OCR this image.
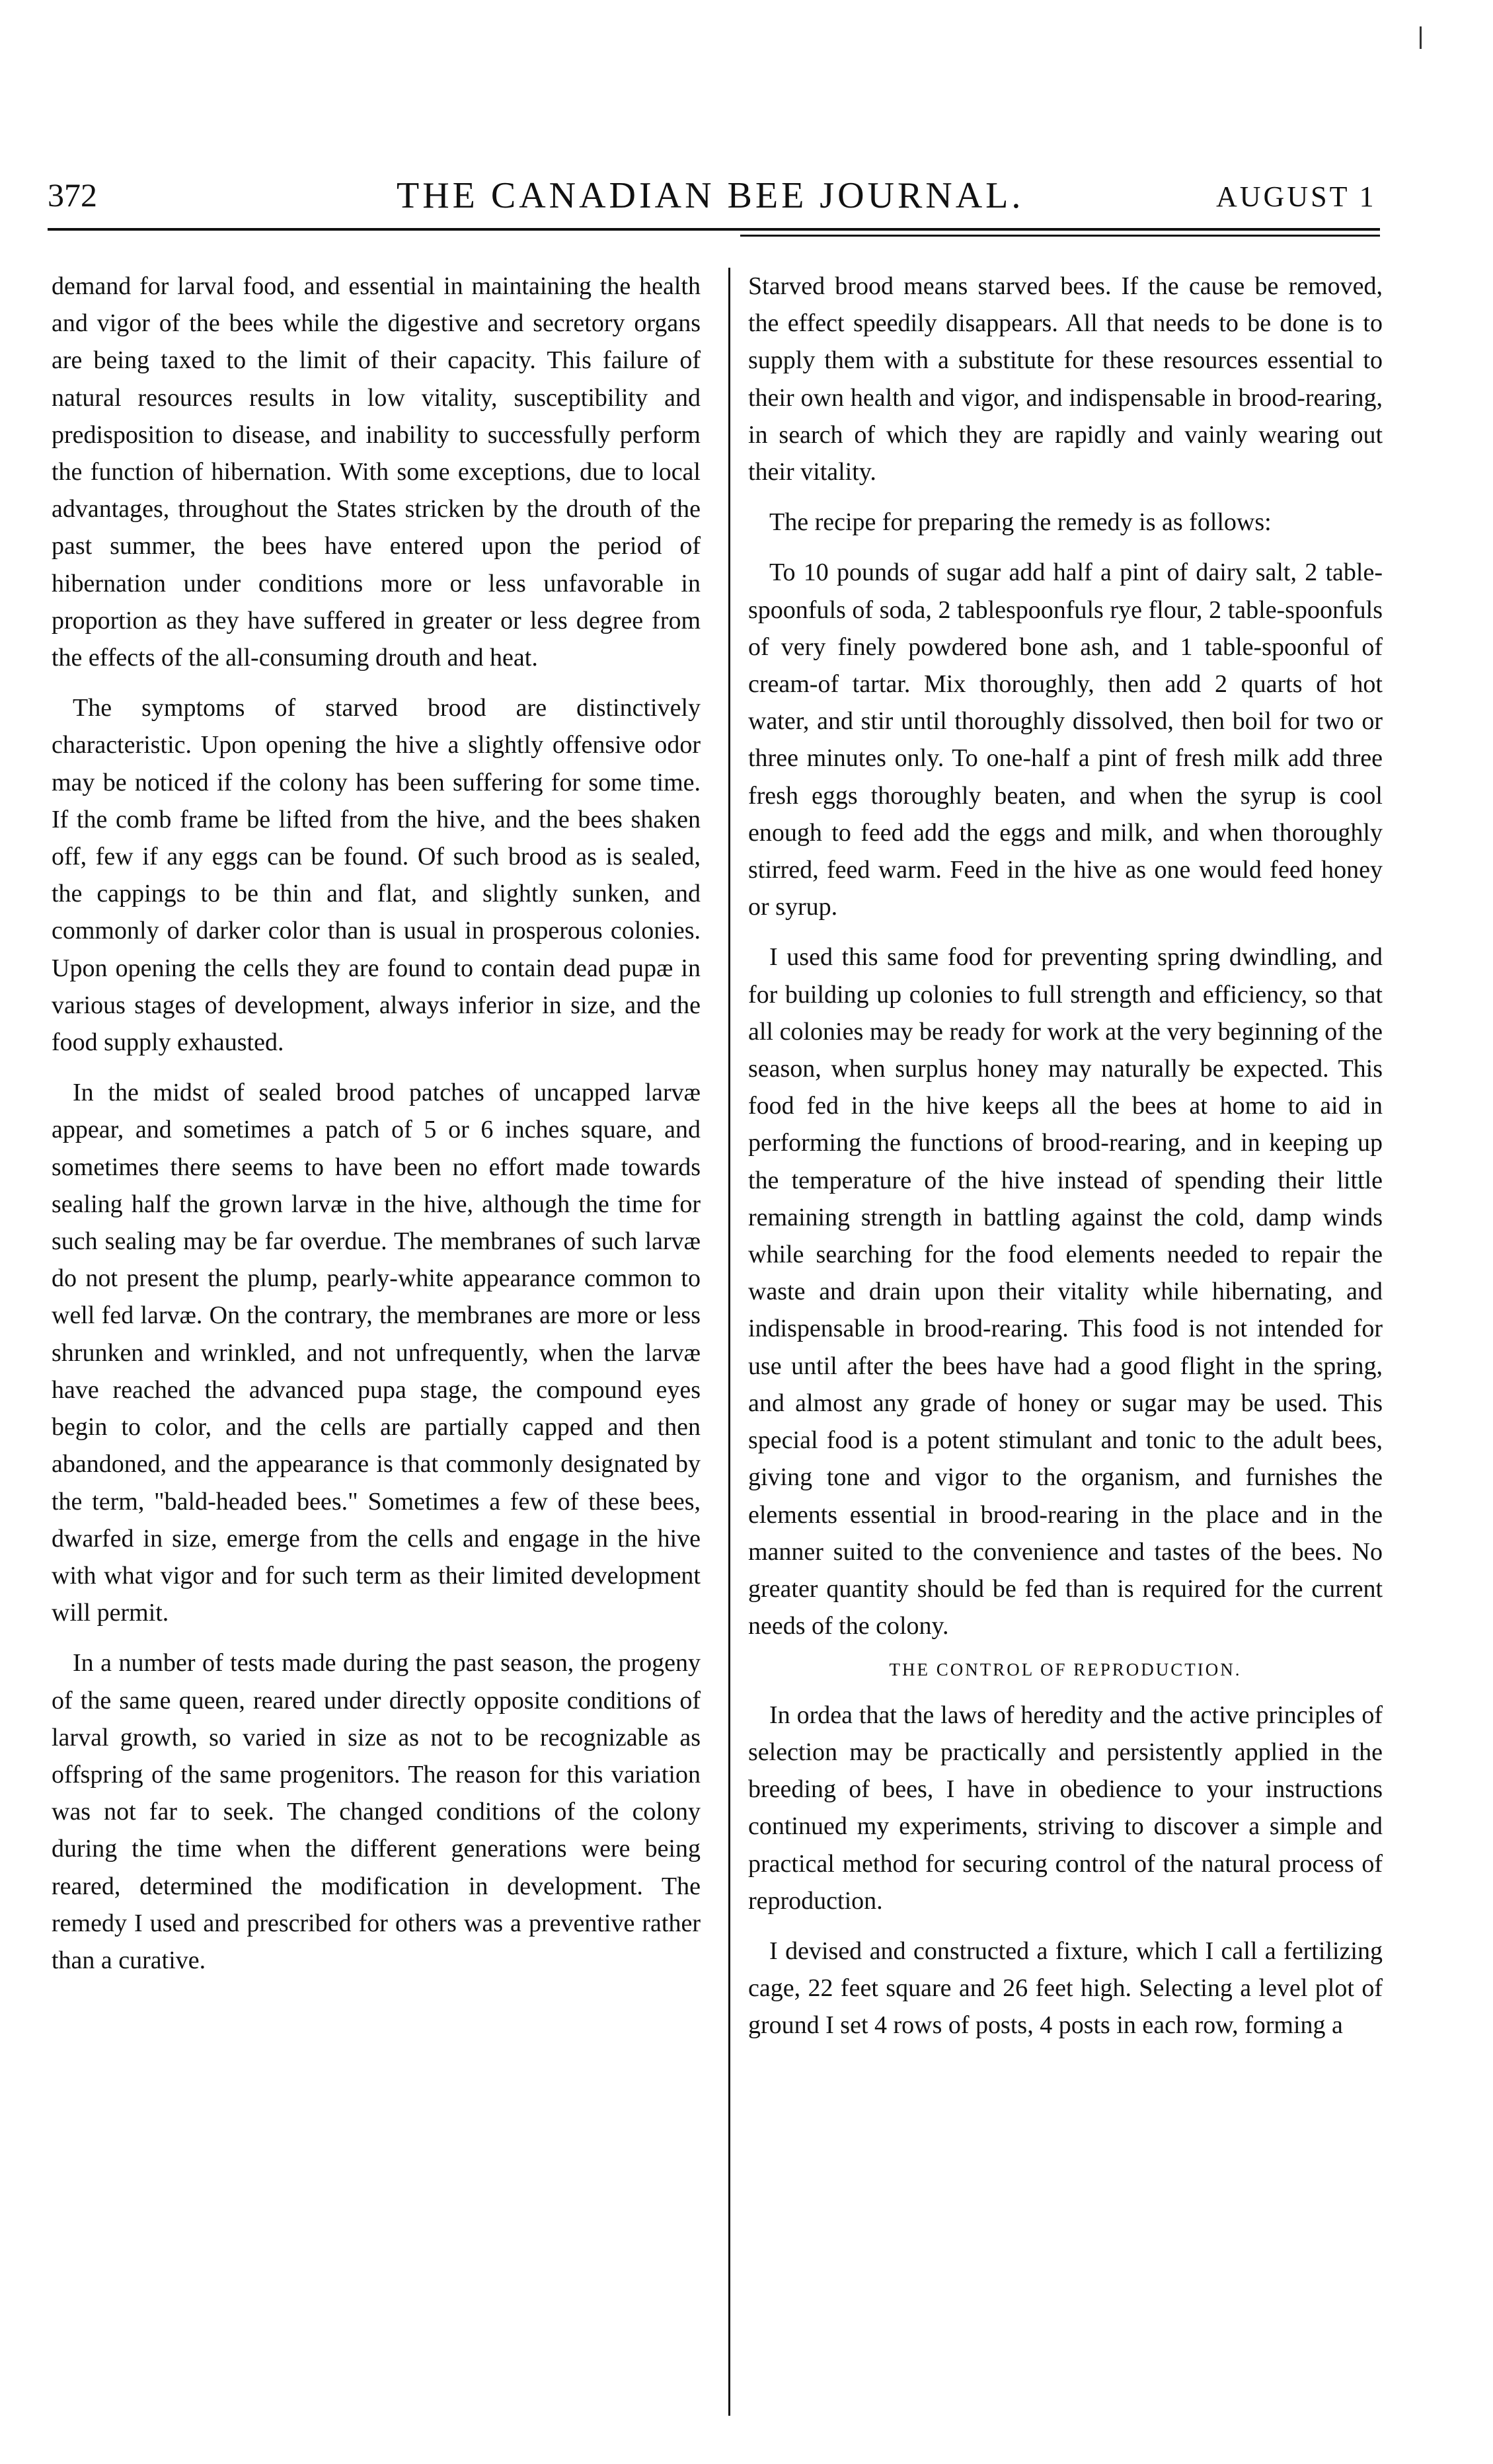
372	THE CANADIAN BEE JOURNAL.	AUGUST 1

demand for larval food, and essential in maintaining the health and vigor of the bees while the digestive and secretory organs are being taxed to the limit of their capacity. This failure of natural resources results in low vitality, susceptibility and predisposition to disease, and inability to successfully perform the function of hibernation. With some exceptions, due to local advantages, throughout the States stricken by the drouth of the past summer, the bees have entered upon the period of hibernation under conditions more or less unfavorable in proportion as they have suffered in greater or less degree from the effects of the all-consuming drouth and heat.

The symptoms of starved brood are distinctively characteristic. Upon opening the hive a slightly offensive odor may be noticed if the colony has been suffering for some time. If the comb frame be lifted from the hive, and the bees shaken off, few if any eggs can be found. Of such brood as is sealed, the cappings to be thin and flat, and slightly sunken, and commonly of darker color than is usual in prosperous colonies. Upon opening the cells they are found to contain dead pupæ in various stages of development, always inferior in size, and the food supply exhausted.

In the midst of sealed brood patches of uncapped larvæ appear, and sometimes a patch of 5 or 6 inches square, and sometimes there seems to have been no effort made towards sealing half the grown larvæ in the hive, although the time for such sealing may be far overdue. The membranes of such larvæ do not present the plump, pearly-white appearance common to well fed larvæ. On the contrary, the membranes are more or less shrunken and wrinkled, and not unfrequently, when the larvæ have reached the advanced pupa stage, the compound eyes begin to color, and the cells are partially capped and then abandoned, and the appearance is that commonly designated by the term, "bald-headed bees." Sometimes a few of these bees, dwarfed in size, emerge from the cells and engage in the hive with what vigor and for such term as their limited development will permit.

In a number of tests made during the past season, the progeny of the same queen, reared under directly opposite conditions of larval growth, so varied in size as not to be recognizable as offspring of the same progenitors. The reason for this variation was not far to seek. The changed conditions of the colony during the time when the different generations were being reared, determined the modification in development. The remedy I used and prescribed for others was a preventive rather than a curative.

Starved brood means starved bees. If the cause be removed, the effect speedily disappears. All that needs to be done is to supply them with a substitute for these resources essential to their own health and vigor, and indispensable in brood-rearing, in search of which they are rapidly and vainly wearing out their vitality.

The recipe for preparing the remedy is as follows:

To 10 pounds of sugar add half a pint of dairy salt, 2 table-spoonfuls of soda, 2 tablespoonfuls rye flour, 2 table-spoonfuls of very finely powdered bone ash, and 1 table-spoonful of cream-of tartar. Mix thoroughly, then add 2 quarts of hot water, and stir until thoroughly dissolved, then boil for two or three minutes only. To one-half a pint of fresh milk add three fresh eggs thoroughly beaten, and when the syrup is cool enough to feed add the eggs and milk, and when thoroughly stirred, feed warm. Feed in the hive as one would feed honey or syrup.

I used this same food for preventing spring dwindling, and for building up colonies to full strength and efficiency, so that all colonies may be ready for work at the very beginning of the season, when surplus honey may naturally be expected. This food fed in the hive keeps all the bees at home to aid in performing the functions of brood-rearing, and in keeping up the temperature of the hive instead of spending their little remaining strength in battling against the cold, damp winds while searching for the food elements needed to repair the waste and drain upon their vitality while hibernating, and indispensable in brood-rearing. This food is not intended for use until after the bees have had a good flight in the spring, and almost any grade of honey or sugar may be used. This special food is a potent stimulant and tonic to the adult bees, giving tone and vigor to the organism, and furnishes the elements essential in brood-rearing in the place and in the manner suited to the convenience and tastes of the bees. No greater quantity should be fed than is required for the current needs of the colony.

THE CONTROL OF REPRODUCTION.

In ordea that the laws of heredity and the active principles of selection may be practically and persistently applied in the breeding of bees, I have in obedience to your instructions continued my experiments, striving to discover a simple and practical method for securing control of the natural process of reproduction.

I devised and constructed a fixture, which I call a fertilizing cage, 22 feet square and 26 feet high. Selecting a level plot of ground I set 4 rows of posts, 4 posts in each row, forming a
